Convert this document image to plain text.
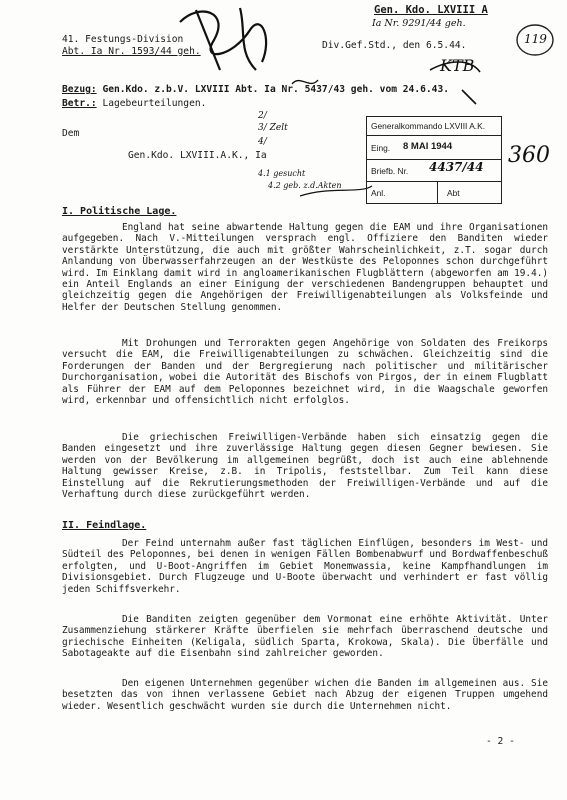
41. Festungs-Division
Abt. Ia Nr. 1593/44 geh.
Div.Gef.Std., den 6.5.44.
Gen. Kdo. LXVIII A
Ia Nr. 9291/44 geh.
119
KTB
Bezug: Gen.Kdo. z.b.V. LXVIII Abt. Ia Nr. 5437/43 geh. vom 24.6.43.
Betr.: Lagebeurteilungen.
Dem
Gen.Kdo. LXVIII.A.K., Ia
2/
3/ Zelt
4/
4.1 gesucht
4.2 geb. z.d.Akten
Generalkommando LXVIII A.K.
Eing. 8 MAI 1944
Briefb. Nr. 4437/44
Anl.	Abt
360
I. Politische Lage.
England hat seine abwartende Haltung gegen die EAM und ihre Organisationen aufgegeben. Nach V.-Mitteilungen versprach engl. Offiziere den Banditen wieder verstärkte Unterstützung, die auch mit größter Wahrscheinlichkeit, z.T. sogar durch Anlandung von Überwasserfahrzeugen an der Westküste des Peloponnes schon durchgeführt wird. Im Einklang damit wird in angloamerikanischen Flugblättern (abgeworfen am 19.4.) ein Anteil Englands an einer Einigung der verschiedenen Bandengruppen behauptet und gleichzeitig gegen die Angehörigen der Freiwilligenabteilungen als Volksfeinde und Helfer der Deutschen Stellung genommen.
Mit Drohungen und Terrorakten gegen Angehörige von Soldaten des Freikorps versucht die EAM, die Freiwilligenabteilungen zu schwächen. Gleichzeitig sind die Forderungen der Banden und der Bergregierung nach politischer und militärischer Durchorganisation, wobei die Autorität des Bischofs von Pirgos, der in einem Flugblatt als Führer der EAM auf dem Peloponnes bezeichnet wird, in die Waagschale geworfen wird, erkennbar und offensichtlich nicht erfolglos.
Die griechischen Freiwilligen-Verbände haben sich einsatzig gegen die Banden eingesetzt und ihre zuverlässige Haltung gegen diesen Gegner bewiesen. Sie werden von der Bevölkerung im allgemeinen begrüßt, doch ist auch eine ablehnende Haltung gewisser Kreise, z.B. in Tripolis, feststellbar. Zum Teil kann diese Einstellung auf die Rekrutierungsmethoden der Freiwilligen-Verbände und auf die Verhaftung durch diese zurückgeführt werden.
II. Feindlage.
Der Feind unternahm außer fast täglichen Einflügen, besonders im West- und Südteil des Peloponnes, bei denen in wenigen Fällen Bombenabwurf und Bordwaffenbeschuß erfolgten, und U-Boot-Angriffen im Gebiet Monemwassia, keine Kampfhandlungen im Divisionsgebiet. Durch Flugzeuge und U-Boote überwacht und verhindert er fast völlig jeden Schiffsverkehr.
Die Banditen zeigten gegenüber dem Vormonat eine erhöhte Aktivität. Unter Zusammenziehung stärkerer Kräfte überfielen sie mehrfach überraschend deutsche und griechische Einheiten (Keligala, südlich Sparta, Krokowa, Skala). Die Überfälle und Sabotageakte auf die Eisenbahn sind zahlreicher geworden.
Den eigenen Unternehmen gegenüber wichen die Banden im allgemeinen aus. Sie besetzten das von ihnen verlassene Gebiet nach Abzug der eigenen Truppen umgehend wieder. Wesentlich geschwächt wurden sie durch die Unternehmen nicht.
- 2 -
